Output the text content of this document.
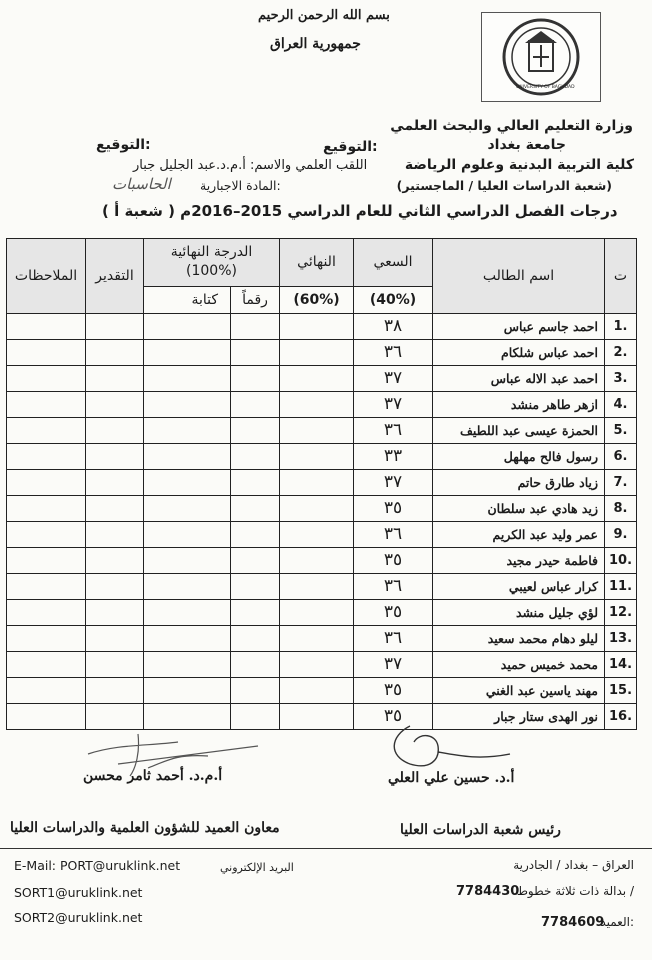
بسم الله الرحمن الرحيم
جمهورية العراق
UNIVERSITY OF BAGHDAD
وزارة التعليم العالي والبحث العلمي
جامعة بغداد
كلية التربية البدنية وعلوم الرياضة
(شعبة الدراسات العليا / الماجستير)
التوقيع:	التوقيع:
اللقب العلمي والاسم: أ.م.د.عبد الجليل جبار
المادة الاجبارية:
الحاسبات
درجات الفصل الدراسي الثاني للعام الدراسي 2015–2016م ( شعبة أ )
الملاحظات	التقدير	الدرجة النهائية
(100%)		النهائي	السعي	اسم الطالب	ت
		كتابة	رقماً	(60%)	(40%)		
					٣٨	احمد جاسم عباس	1.
					٣٦	احمد عباس شلكام	2.
					٣٧	احمد عبد الاله عباس	3.
					٣٧	ازهر طاهر منشد	4.
					٣٦	الحمزة عيسى عبد اللطيف	5.
					٣٣	رسول فالح مهلهل	6.
					٣٧	زياد طارق حاتم	7.
					٣٥	زيد هادي عبد سلطان	8.
					٣٦	عمر وليد عبد الكريم	9.
					٣٥	فاطمة حيدر مجيد	10.
					٣٦	كرار عباس لعيبي	11.
					٣٥	لؤي جليل منشد	12.
					٣٦	ليلو دهام محمد سعيد	13.
					٣٧	محمد خميس حميد	14.
					٣٥	مهند ياسين عبد الغني	15.
					٣٥	نور الهدى ستار جبار	16.
أ.م.د. أحمد ثامر محسن	أ.د. حسين علي العلي
معاون العميد للشؤون العلمية والدراسات العليا	رئيس شعبة الدراسات العليا
E-Mail: PORT@uruklink.net	البريد الإلكتروني
SORT1@uruklink.net
SORT2@uruklink.net
العراق – بغداد / الجادرية
بدالة ذات ثلاثة خطوط /
7784430
العميد:
7784609
